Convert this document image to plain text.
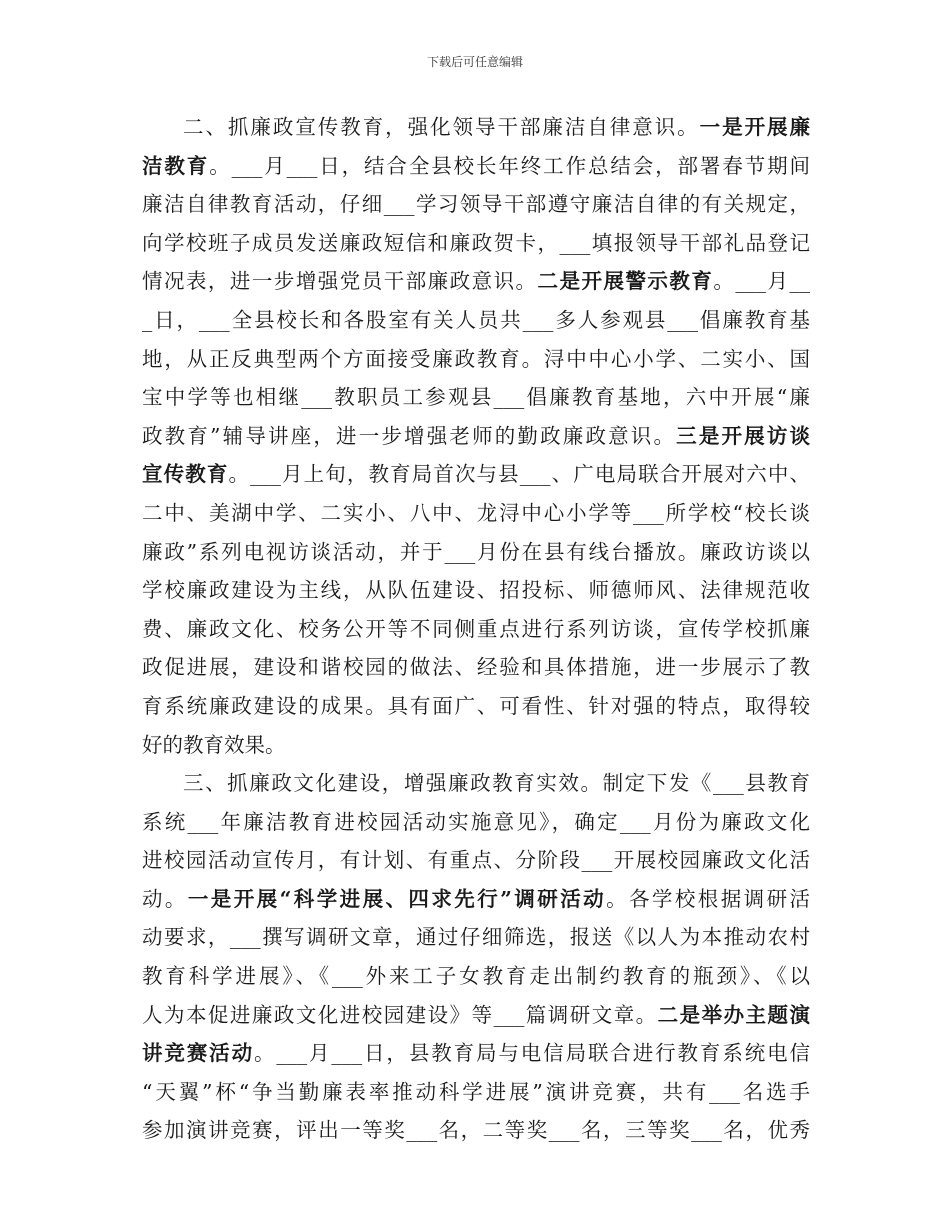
下载后可任意编辑
二、抓廉政宣传教育，强化领导干部廉洁自律意识。一是开展廉
洁教育。___月___日，结合全县校长年终工作总结会，部署春节期间
廉洁自律教育活动，仔细___学习领导干部遵守廉洁自律的有关规定，
向学校班子成员发送廉政短信和廉政贺卡，___填报领导干部礼品登记
情况表，进一步增强党员干部廉政意识。二是开展警示教育。___月__
_日，___全县校长和各股室有关人员共___多人参观县___倡廉教育基
地，从正反典型两个方面接受廉政教育。浔中中心小学、二实小、国
宝中学等也相继___教职员工参观县___倡廉教育基地，六中开展“廉
政教育”辅导讲座，进一步增强老师的勤政廉政意识。三是开展访谈
宣传教育。___月上旬，教育局首次与县___、广电局联合开展对六中、
二中、美湖中学、二实小、八中、龙浔中心小学等___所学校“校长谈
廉政”系列电视访谈活动，并于___月份在县有线台播放。廉政访谈以
学校廉政建设为主线，从队伍建设、招投标、师德师风、法律规范收
费、廉政文化、校务公开等不同侧重点进行系列访谈，宣传学校抓廉
政促进展，建设和谐校园的做法、经验和具体措施，进一步展示了教
育系统廉政建设的成果。具有面广、可看性、针对强的特点，取得较
好的教育效果。
三、抓廉政文化建设，增强廉政教育实效。制定下发《___县教育
系统___年廉洁教育进校园活动实施意见》，确定___月份为廉政文化
进校园活动宣传月，有计划、有重点、分阶段___开展校园廉政文化活
动。一是开展“科学进展、四求先行”调研活动。各学校根据调研活
动要求，___撰写调研文章，通过仔细筛选，报送《以人为本推动农村
教育科学进展》、《___外来工子女教育走出制约教育的瓶颈》、《以
人为本促进廉政文化进校园建设》等___篇调研文章。二是举办主题演
讲竞赛活动。___月___日，县教育局与电信局联合进行教育系统电信
“天翼”杯“争当勤廉表率推动科学进展”演讲竞赛，共有___名选手
参加演讲竞赛，评出一等奖___名，二等奖___名，三等奖___名，优秀
